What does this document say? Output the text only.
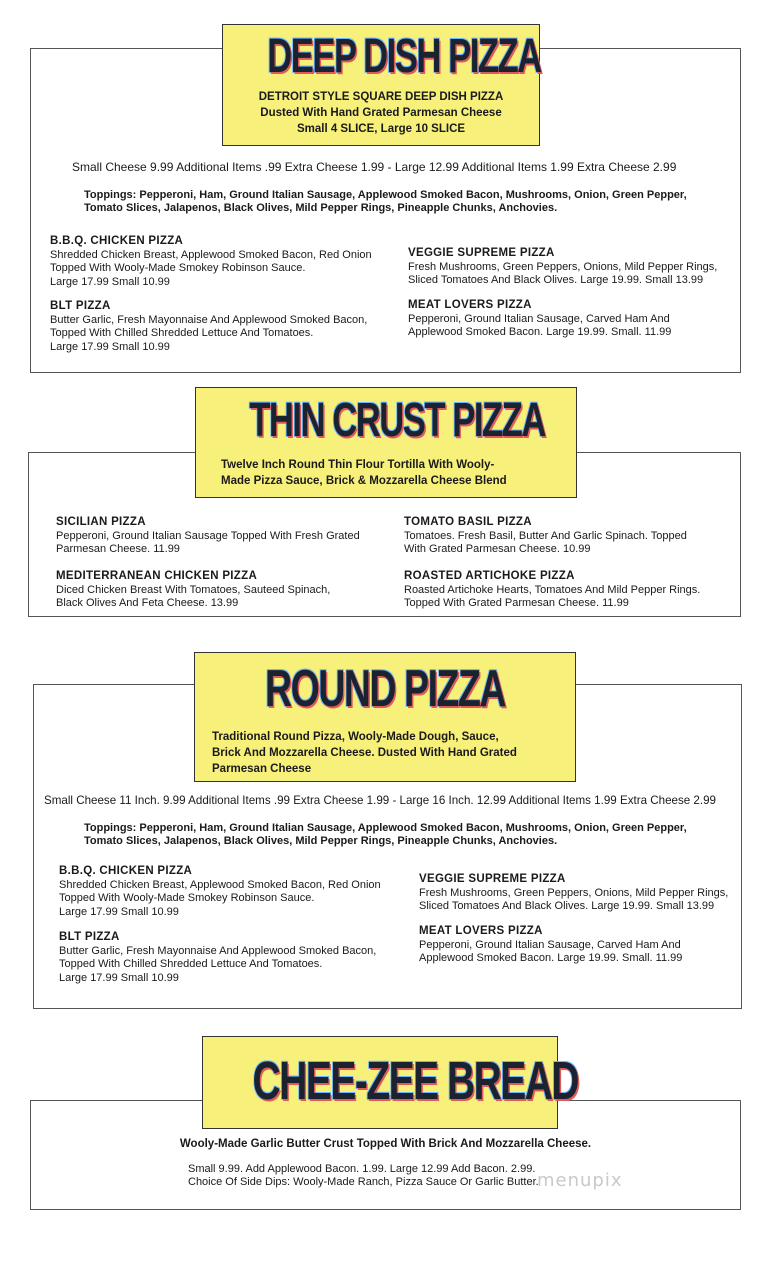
DEEP DISH PIZZA
DETROIT STYLE SQUARE DEEP DISH PIZZA
Dusted With Hand Grated Parmesan Cheese
Small 4 SLICE, Large 10 SLICE
Small Cheese 9.99 Additional Items .99 Extra Cheese 1.99 - Large 12.99 Additional Items 1.99 Extra Cheese 2.99
Toppings: Pepperoni, Ham, Ground Italian Sausage, Applewood Smoked Bacon, Mushrooms, Onion, Green Pepper,
Tomato Slices, Jalapenos, Black Olives, Mild Pepper Rings, Pineapple Chunks, Anchovies.
B.B.Q. CHICKEN PIZZA
Shredded Chicken Breast, Applewood Smoked Bacon, Red Onion
Topped With Wooly-Made Smokey Robinson Sauce.
Large 17.99 Small 10.99
BLT PIZZA
Butter Garlic, Fresh Mayonnaise And Applewood Smoked Bacon,
Topped With Chilled Shredded Lettuce And Tomatoes.
Large 17.99 Small 10.99
VEGGIE SUPREME PIZZA
Fresh Mushrooms, Green Peppers, Onions, Mild Pepper Rings,
Sliced Tomatoes And Black Olives. Large 19.99. Small 13.99
MEAT LOVERS PIZZA
Pepperoni, Ground Italian Sausage, Carved Ham And
Applewood Smoked Bacon. Large 19.99. Small. 11.99
THIN CRUST PIZZA
Twelve Inch Round Thin Flour Tortilla With Wooly-
Made Pizza Sauce, Brick & Mozzarella Cheese Blend
SICILIAN PIZZA
Pepperoni, Ground Italian Sausage Topped With Fresh Grated
Parmesan Cheese. 11.99
MEDITERRANEAN CHICKEN PIZZA
Diced Chicken Breast With Tomatoes, Sauteed Spinach,
Black Olives And Feta Cheese. 13.99
TOMATO BASIL PIZZA
Tomatoes. Fresh Basil, Butter And Garlic Spinach. Topped
With Grated Parmesan Cheese. 10.99
ROASTED ARTICHOKE PIZZA
Roasted Artichoke Hearts, Tomatoes And Mild Pepper Rings.
Topped With Grated Parmesan Cheese. 11.99
ROUND PIZZA
Traditional Round Pizza, Wooly-Made Dough, Sauce,
Brick And Mozzarella Cheese. Dusted With Hand Grated
Parmesan Cheese
Small Cheese 11 Inch. 9.99 Additional Items .99 Extra Cheese 1.99 - Large 16 Inch. 12.99 Additional Items 1.99 Extra Cheese 2.99
Toppings: Pepperoni, Ham, Ground Italian Sausage, Applewood Smoked Bacon, Mushrooms, Onion, Green Pepper,
Tomato Slices, Jalapenos, Black Olives, Mild Pepper Rings, Pineapple Chunks, Anchovies.
B.B.Q. CHICKEN PIZZA
Shredded Chicken Breast, Applewood Smoked Bacon, Red Onion
Topped With Wooly-Made Smokey Robinson Sauce.
Large 17.99 Small 10.99
BLT PIZZA
Butter Garlic, Fresh Mayonnaise And Applewood Smoked Bacon,
Topped With Chilled Shredded Lettuce And Tomatoes.
Large 17.99 Small 10.99
VEGGIE SUPREME PIZZA
Fresh Mushrooms, Green Peppers, Onions, Mild Pepper Rings,
Sliced Tomatoes And Black Olives. Large 19.99. Small 13.99
MEAT LOVERS PIZZA
Pepperoni, Ground Italian Sausage, Carved Ham And
Applewood Smoked Bacon. Large 19.99. Small. 11.99
CHEE-ZEE BREAD
Wooly-Made Garlic Butter Crust Topped With Brick And Mozzarella Cheese.
Small 9.99. Add Applewood Bacon. 1.99. Large 12.99 Add Bacon. 2.99.
Choice Of Side Dips: Wooly-Made Ranch, Pizza Sauce Or Garlic Butter.
menupix
